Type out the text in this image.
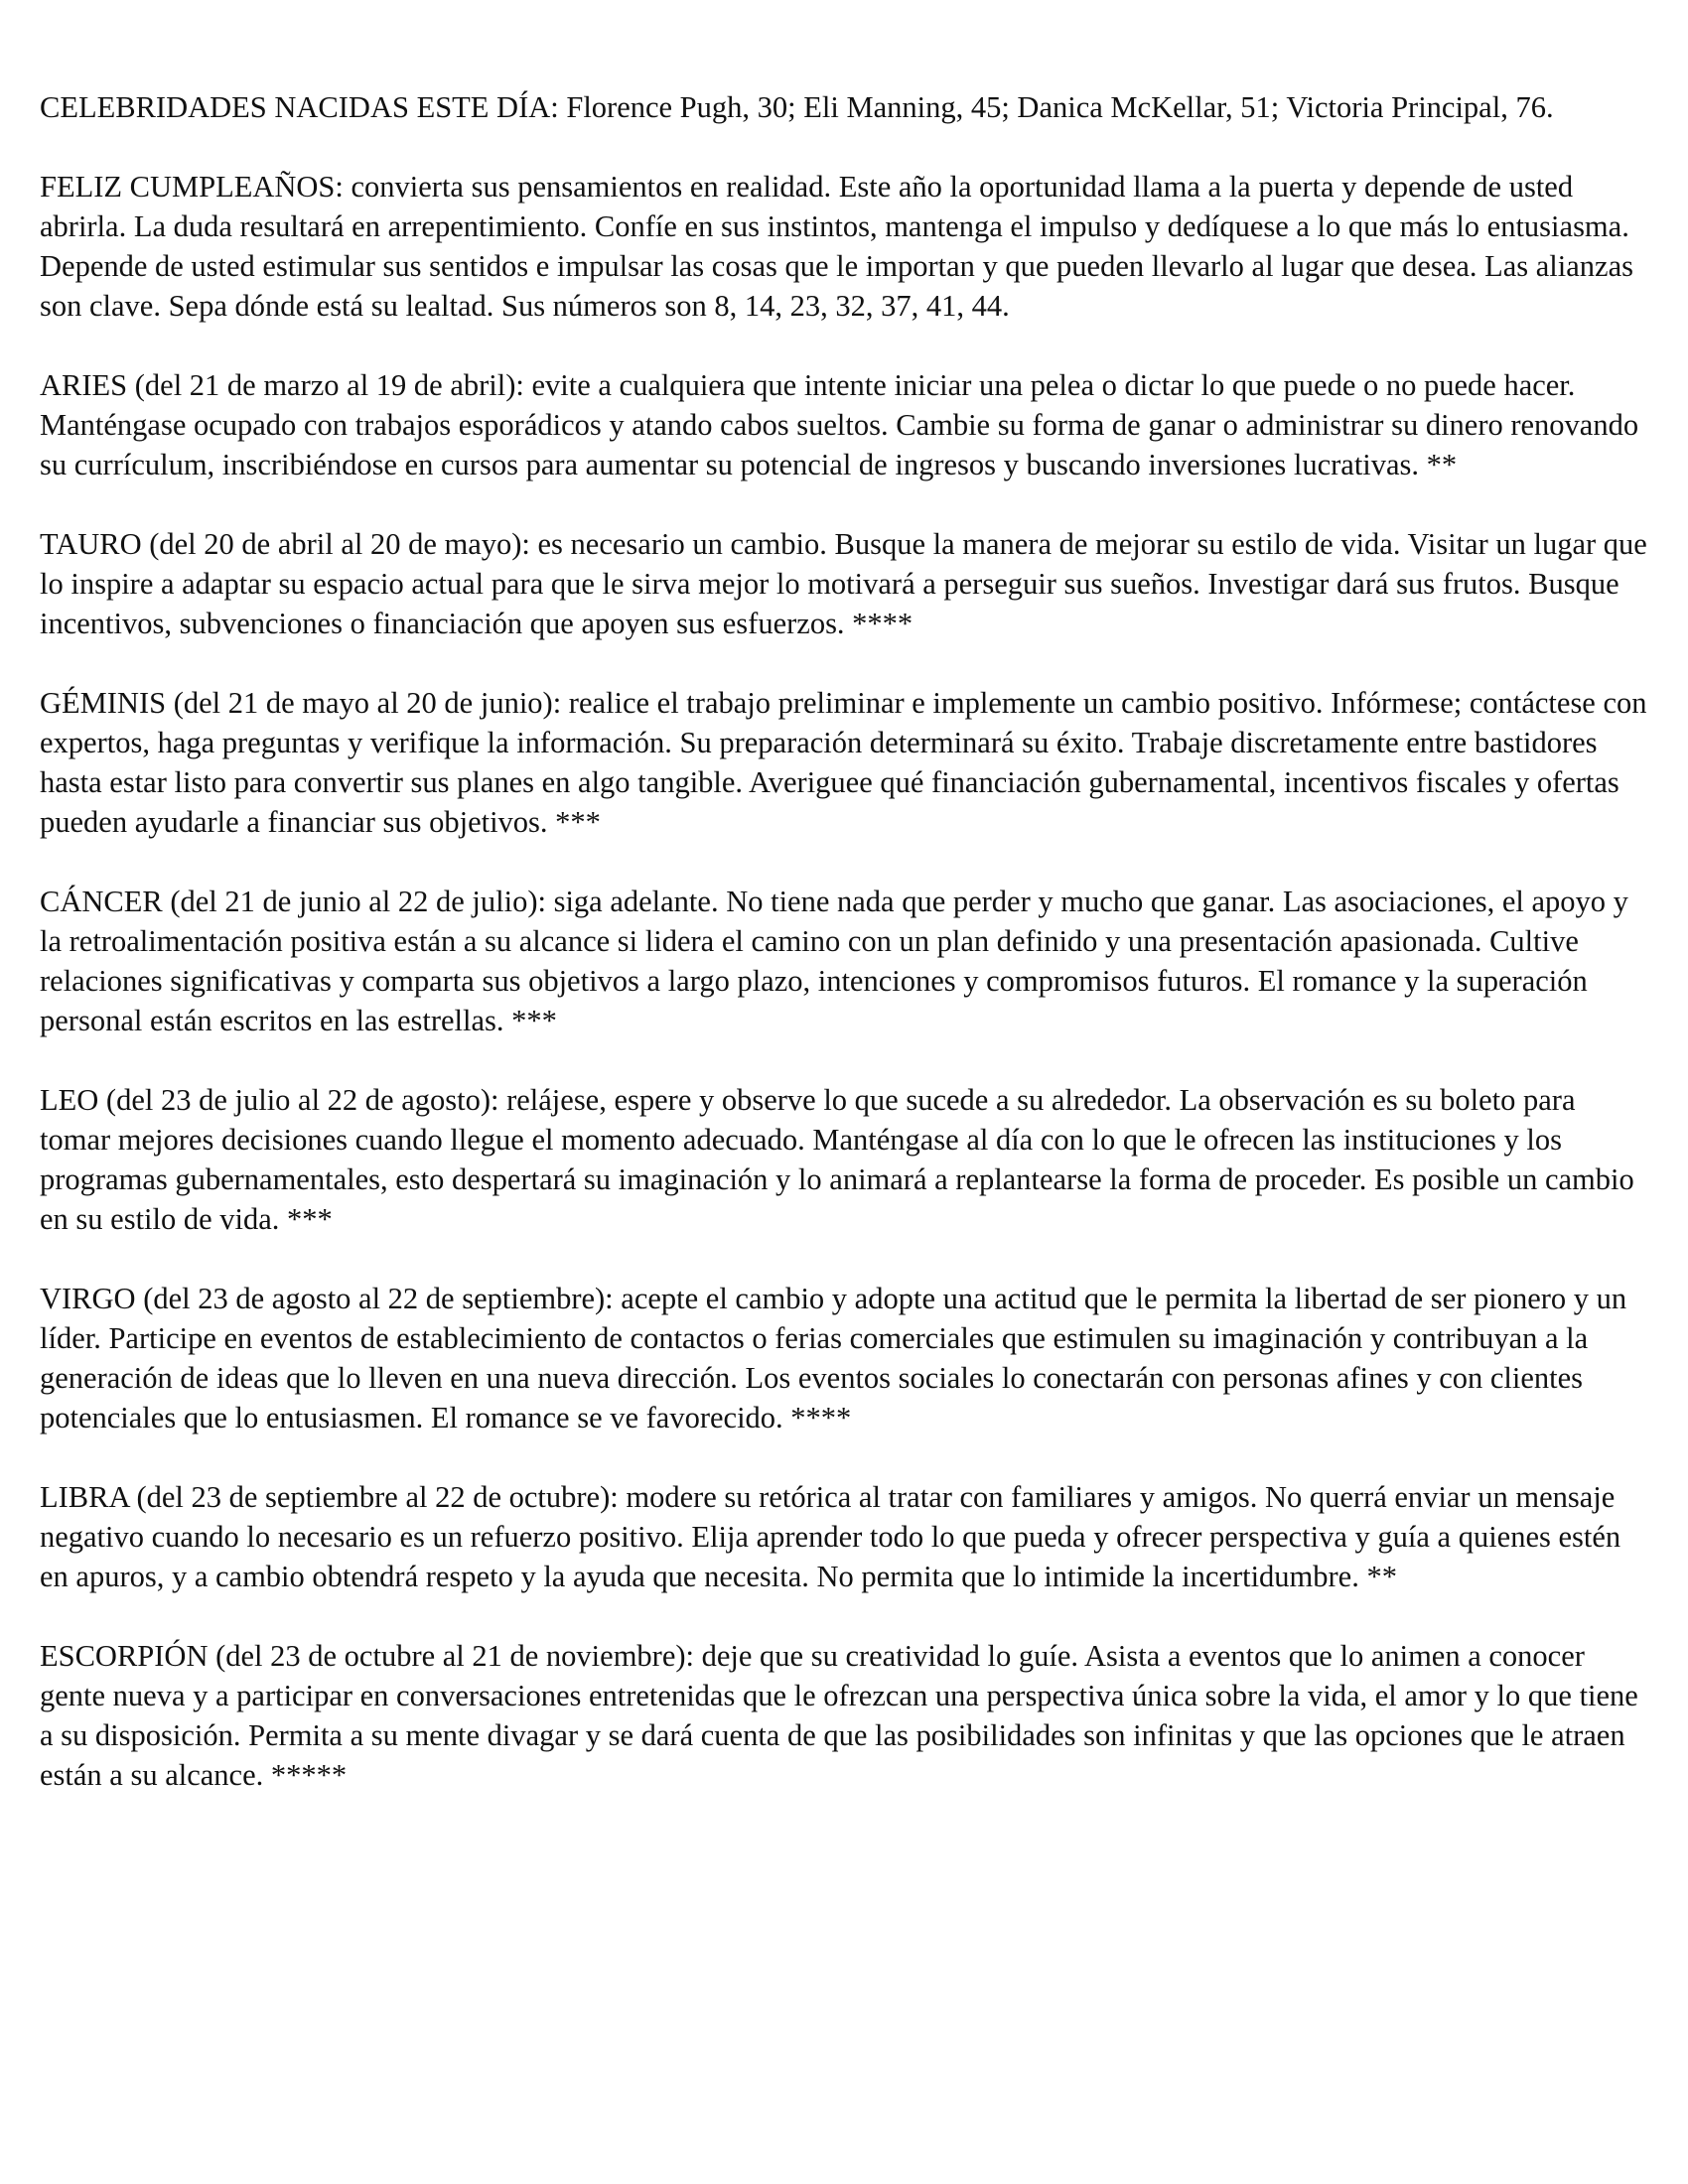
CELEBRIDADES NACIDAS ESTE DÍA: Florence Pugh, 30; Eli Manning, 45; Danica McKellar, 51; Victoria Principal, 76.

FELIZ CUMPLEAÑOS: convierta sus pensamientos en realidad. Este año la oportunidad llama a la puerta y depende de usted abrirla. La duda resultará en arrepentimiento. Confíe en sus instintos, mantenga el impulso y dedíquese a lo que más lo entusiasma. Depende de usted estimular sus sentidos e impulsar las cosas que le importan y que pueden llevarlo al lugar que desea. Las alianzas son clave. Sepa dónde está su lealtad. Sus números son 8, 14, 23, 32, 37, 41, 44.

ARIES (del 21 de marzo al 19 de abril): evite a cualquiera que intente iniciar una pelea o dictar lo que puede o no puede hacer. Manténgase ocupado con trabajos esporádicos y atando cabos sueltos. Cambie su forma de ganar o administrar su dinero renovando su currículum, inscribiéndose en cursos para aumentar su potencial de ingresos y buscando inversiones lucrativas. **

TAURO (del 20 de abril al 20 de mayo): es necesario un cambio. Busque la manera de mejorar su estilo de vida. Visitar un lugar que lo inspire a adaptar su espacio actual para que le sirva mejor lo motivará a perseguir sus sueños. Investigar dará sus frutos. Busque incentivos, subvenciones o financiación que apoyen sus esfuerzos. ****

GÉMINIS (del 21 de mayo al 20 de junio): realice el trabajo preliminar e implemente un cambio positivo. Infórmese; contáctese con expertos, haga preguntas y verifique la información. Su preparación determinará su éxito. Trabaje discretamente entre bastidores hasta estar listo para convertir sus planes en algo tangible. Averiguee qué financiación gubernamental, incentivos fiscales y ofertas pueden ayudarle a financiar sus objetivos. ***

CÁNCER (del 21 de junio al 22 de julio): siga adelante. No tiene nada que perder y mucho que ganar. Las asociaciones, el apoyo y la retroalimentación positiva están a su alcance si lidera el camino con un plan definido y una presentación apasionada. Cultive relaciones significativas y comparta sus objetivos a largo plazo, intenciones y compromisos futuros. El romance y la superación personal están escritos en las estrellas. ***

LEO (del 23 de julio al 22 de agosto): relájese, espere y observe lo que sucede a su alrededor. La observación es su boleto para tomar mejores decisiones cuando llegue el momento adecuado. Manténgase al día con lo que le ofrecen las instituciones y los programas gubernamentales, esto despertará su imaginación y lo animará a replantearse la forma de proceder. Es posible un cambio en su estilo de vida. ***

VIRGO (del 23 de agosto al 22 de septiembre): acepte el cambio y adopte una actitud que le permita la libertad de ser pionero y un líder. Participe en eventos de establecimiento de contactos o ferias comerciales que estimulen su imaginación y contribuyan a la generación de ideas que lo lleven en una nueva dirección. Los eventos sociales lo conectarán con personas afines y con clientes potenciales que lo entusiasmen. El romance se ve favorecido. ****

LIBRA (del 23 de septiembre al 22 de octubre): modere su retórica al tratar con familiares y amigos. No querrá enviar un mensaje negativo cuando lo necesario es un refuerzo positivo. Elija aprender todo lo que pueda y ofrecer perspectiva y guía a quienes estén en apuros, y a cambio obtendrá respeto y la ayuda que necesita. No permita que lo intimide la incertidumbre. **

ESCORPIÓN (del 23 de octubre al 21 de noviembre): deje que su creatividad lo guíe. Asista a eventos que lo animen a conocer gente nueva y a participar en conversaciones entretenidas que le ofrezcan una perspectiva única sobre la vida, el amor y lo que tiene a su disposición. Permita a su mente divagar y se dará cuenta de que las posibilidades son infinitas y que las opciones que le atraen están a su alcance. *****
